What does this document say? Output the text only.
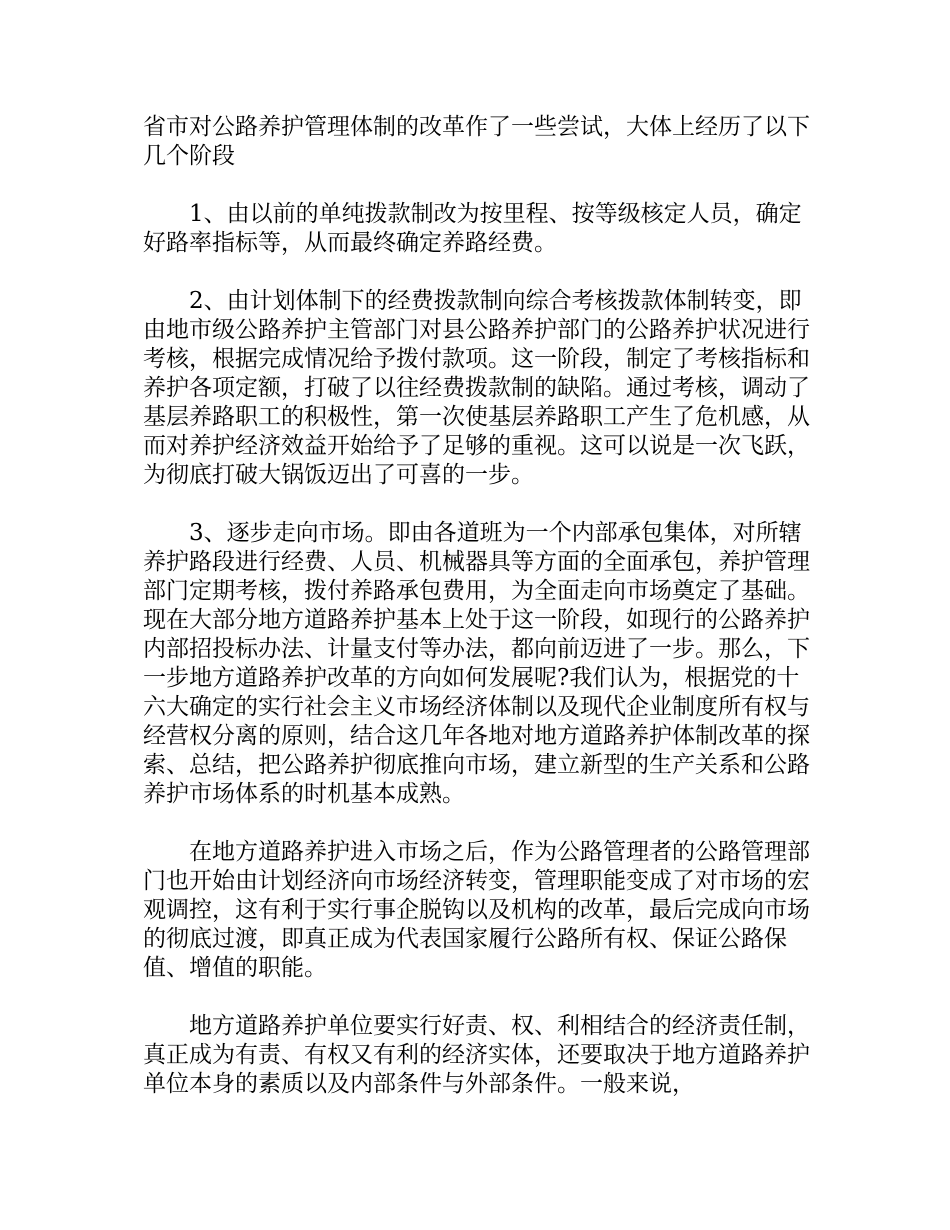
省市对公路养护管理体制的改革作了一些尝试，大体上经历了以下几个阶段

1、由以前的单纯拨款制改为按里程、按等级核定人员，确定好路率指标等，从而最终确定养路经费。

2、由计划体制下的经费拨款制向综合考核拨款体制转变，即由地市级公路养护主管部门对县公路养护部门的公路养护状况进行考核，根据完成情况给予拨付款项。这一阶段，制定了考核指标和养护各项定额，打破了以往经费拨款制的缺陷。通过考核，调动了基层养路职工的积极性，第一次使基层养路职工产生了危机感，从而对养护经济效益开始给予了足够的重视。这可以说是一次飞跃，为彻底打破大锅饭迈出了可喜的一步。

3、逐步走向市场。即由各道班为一个内部承包集体，对所辖养护路段进行经费、人员、机械器具等方面的全面承包，养护管理部门定期考核，拨付养路承包费用，为全面走向市场奠定了基础。现在大部分地方道路养护基本上处于这一阶段，如现行的公路养护内部招投标办法、计量支付等办法，都向前迈进了一步。那么，下一步地方道路养护改革的方向如何发展呢?我们认为，根据党的十六大确定的实行社会主义市场经济体制以及现代企业制度所有权与经营权分离的原则，结合这几年各地对地方道路养护体制改革的探索、总结，把公路养护彻底推向市场，建立新型的生产关系和公路养护市场体系的时机基本成熟。

在地方道路养护进入市场之后，作为公路管理者的公路管理部门也开始由计划经济向市场经济转变，管理职能变成了对市场的宏观调控，这有利于实行事企脱钩以及机构的改革，最后完成向市场的彻底过渡，即真正成为代表国家履行公路所有权、保证公路保值、增值的职能。

地方道路养护单位要实行好责、权、利相结合的经济责任制，真正成为有责、有权又有利的经济实体，还要取决于地方道路养护单位本身的素质以及内部条件与外部条件。一般来说，
